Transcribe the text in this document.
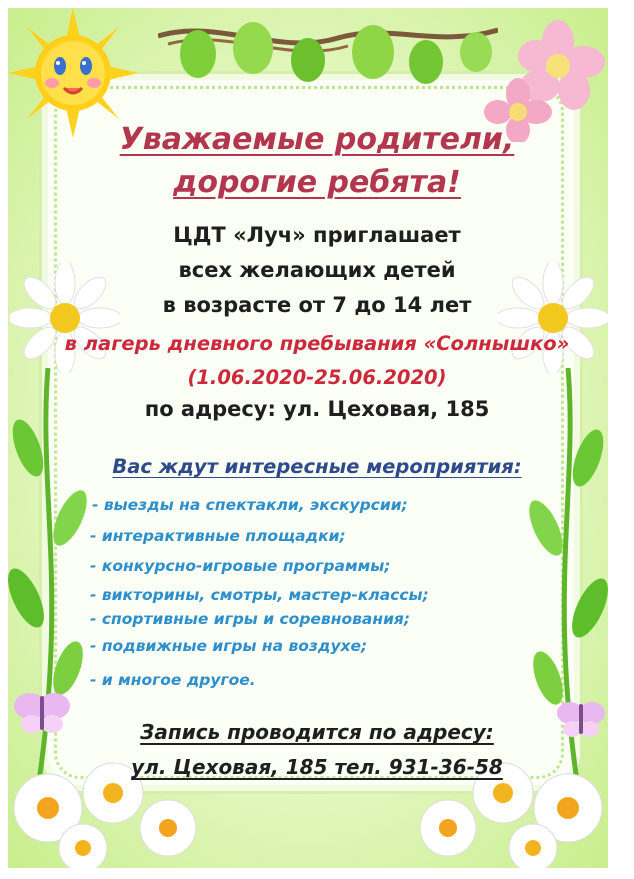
Уважаемые родители,
дорогие ребята!
ЦДТ «Луч» приглашает
всех желающих детей
в возрасте от 7 до 14 лет
в лагерь дневного пребывания «Солнышко»
(1.06.2020-25.06.2020)
по адресу: ул. Цеховая, 185
Вас ждут интересные мероприятия:
- выезды на спектакли, экскурсии;
- интерактивные площадки;
- конкурсно-игровые программы;
- викторины, смотры, мастер-классы;
- спортивные игры и соревнования;
- подвижные игры на воздухе;
- и многое другое.
Запись проводится по адресу:
ул. Цеховая, 185 тел. 931-36-58
